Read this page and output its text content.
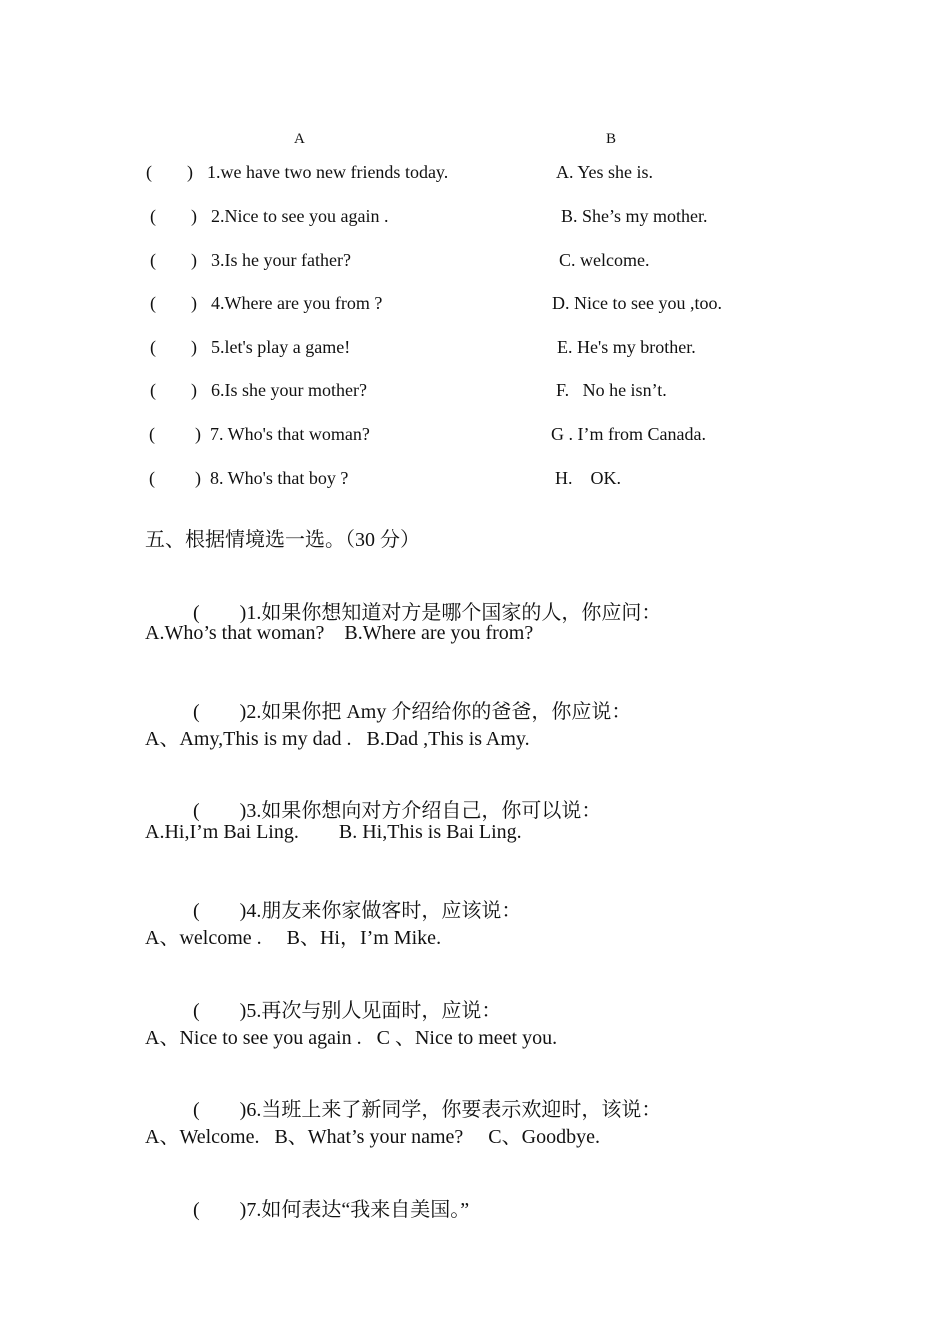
A	B
( ) 1.we have two new friends today.	A. Yes she is.
( ) 2.Nice to see you again .	B. She’s my mother.
( ) 3.Is he your father?	C. welcome.
( ) 4.Where are you from ?	D. Nice to see you ,too.
( ) 5.let's play a game!	E. He's my brother.
( ) 6.Is she your mother?	F.   No he isn’t.
( ) 7. Who's that woman?	G . I’m from Canada.
( ) 8. Who's that boy ?	H.    OK.
五、根据情境选一选。（30 分）

(        )1.如果你想知道对方是哪个国家的人，你应问：

A.Who’s that woman?    B.Where are you from?

(        )2.如果你把 Amy 介绍给你的爸爸，你应说：

A、Amy,This is my dad .   B.Dad ,This is Amy.

(        )3.如果你想向对方介绍自己，你可以说：

A.Hi,I’m Bai Ling.        B. Hi,This is Bai Ling.

(        )4.朋友来你家做客时，应该说：

A、welcome .     B、Hi，I’m Mike.

(        )5.再次与别人见面时，应说：

A、Nice to see you again .   C 、Nice to meet you.

(        )6.当班上来了新同学，你要表示欢迎时，该说：

A、Welcome.   B、What’s your name?     C、Goodbye.

(        )7.如何表达“我来自美国。”
